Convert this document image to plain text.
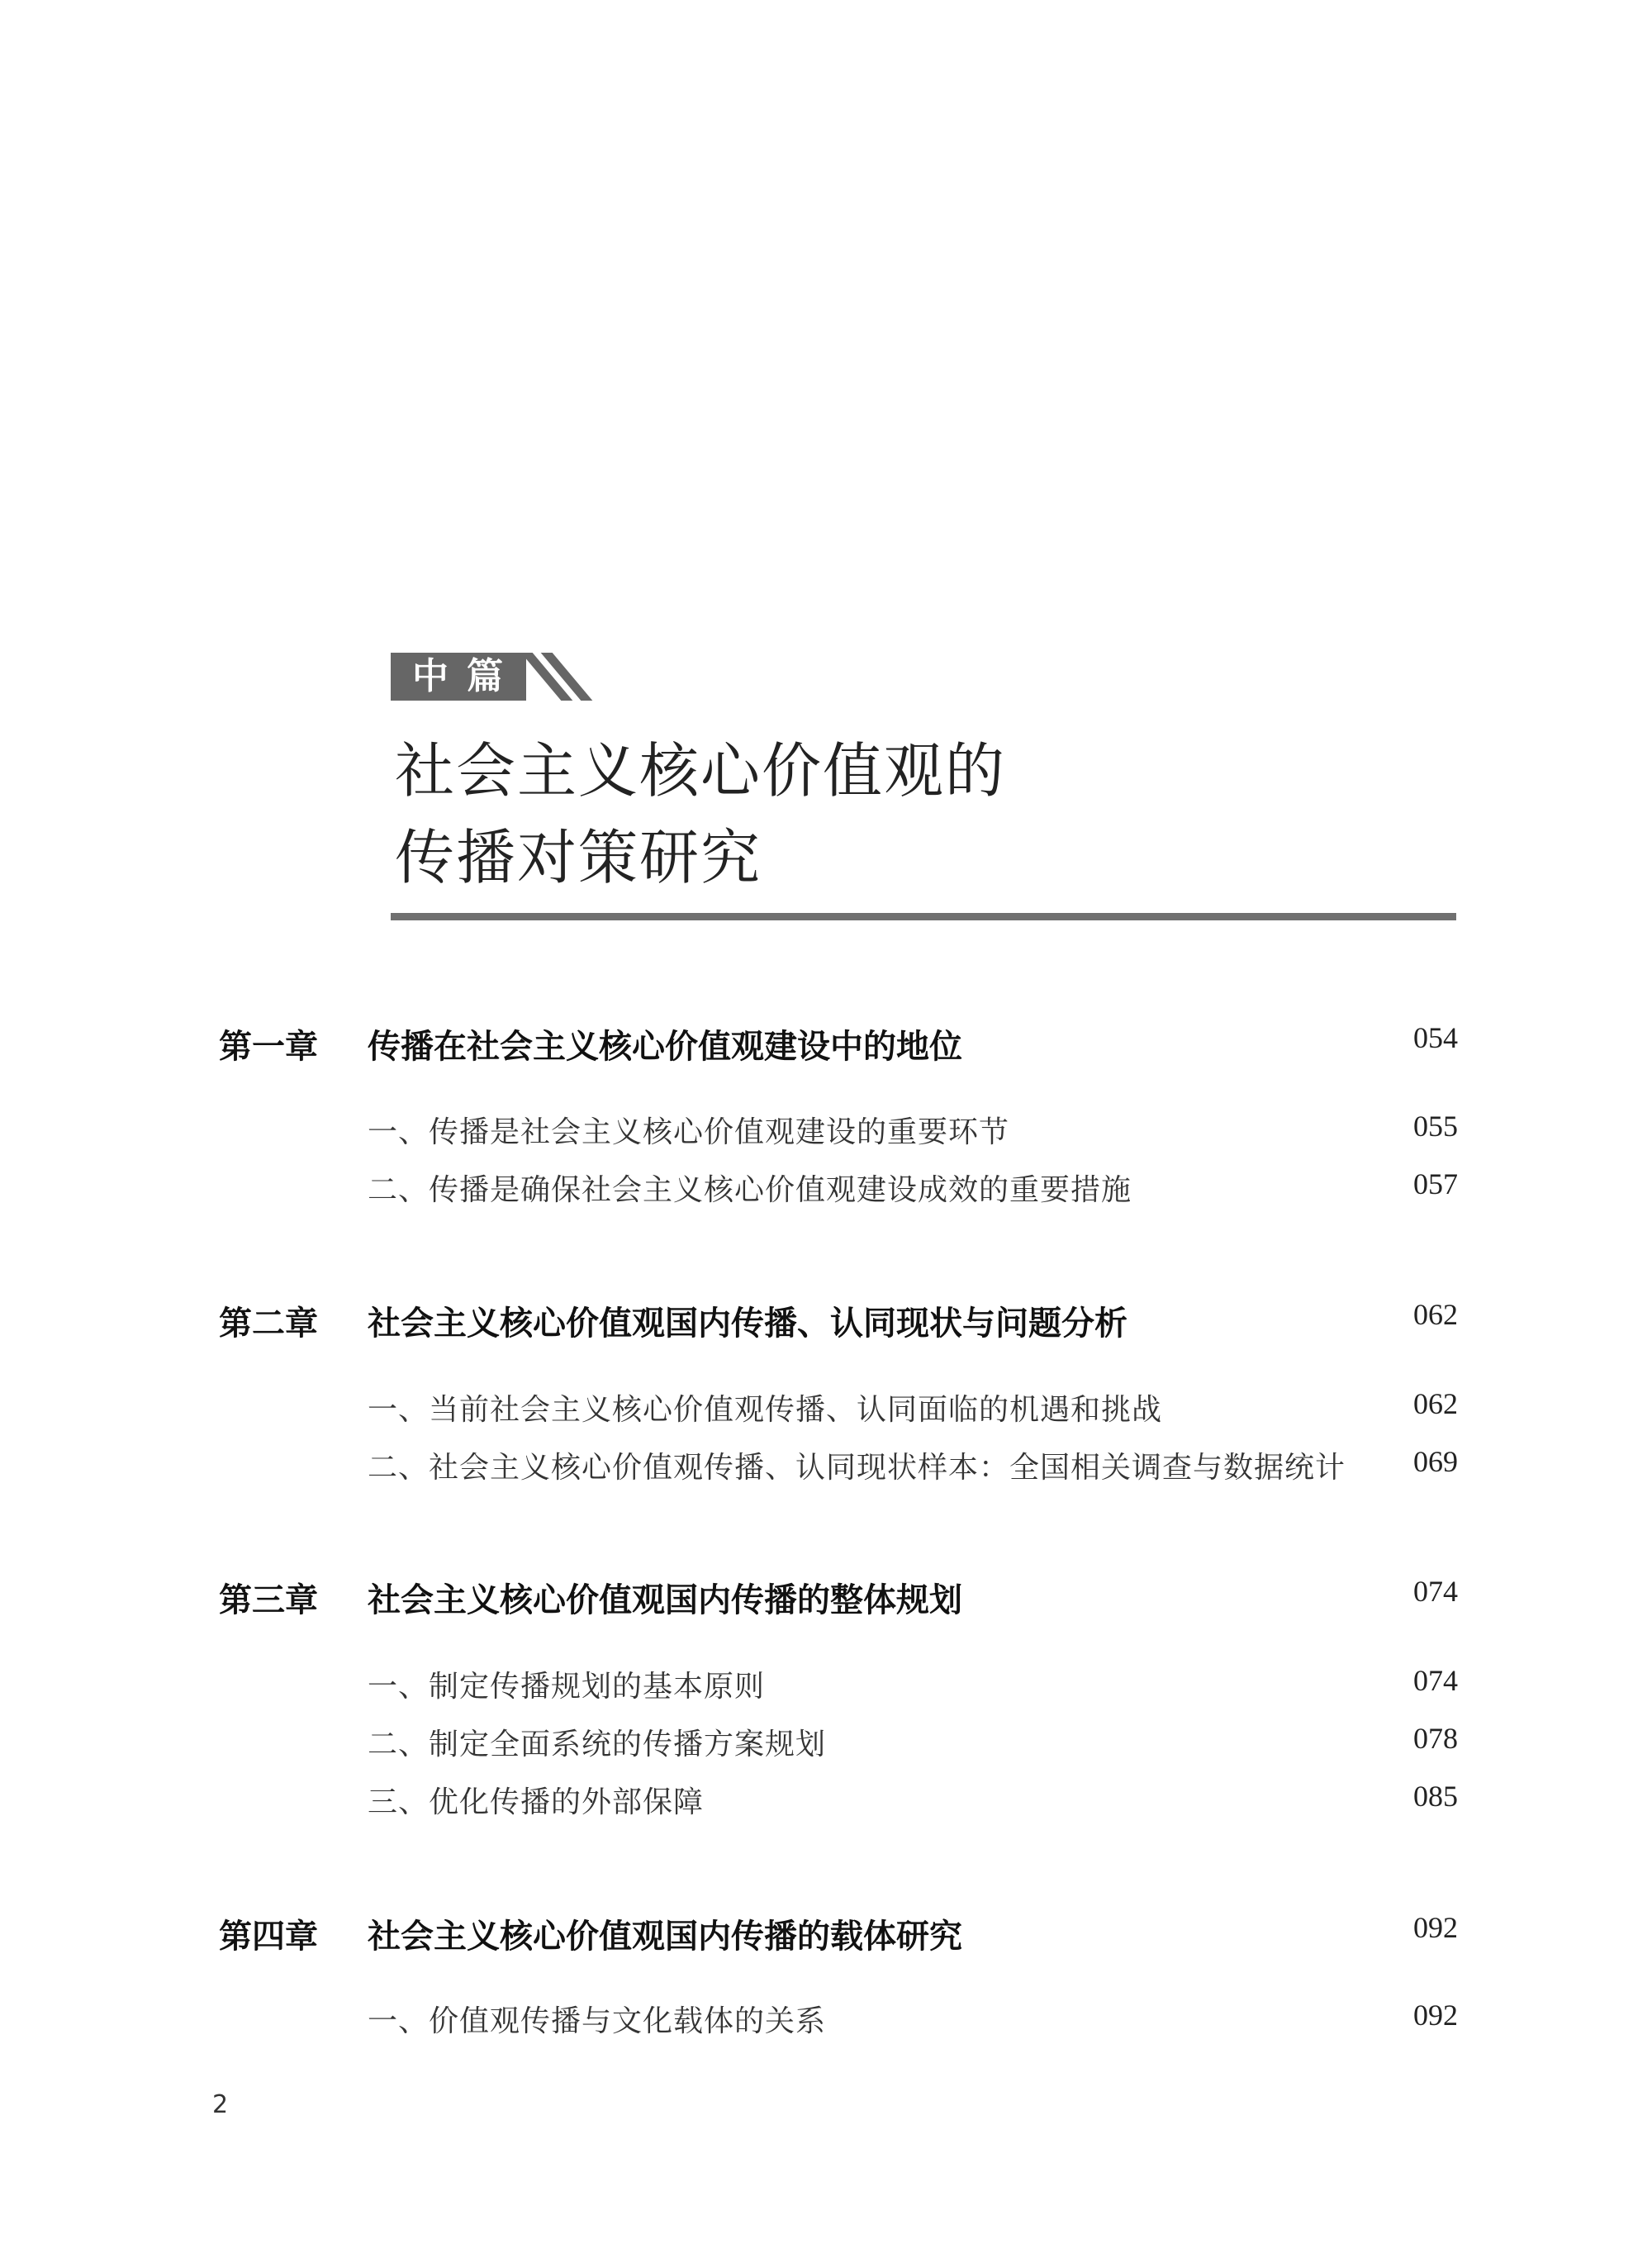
中篇
社会主义核心价值观的
传播对策研究
第一章 传播在社会主义核心价值观建设中的地位	054
一、传播是社会主义核心价值观建设的重要环节	055
二、传播是确保社会主义核心价值观建设成效的重要措施	057
第二章 社会主义核心价值观国内传播、认同现状与问题分析	062
一、当前社会主义核心价值观传播、认同面临的机遇和挑战	062
二、社会主义核心价值观传播、认同现状样本：全国相关调查与数据统计 069
第三章 社会主义核心价值观国内传播的整体规划	074
一、制定传播规划的基本原则	074
二、制定全面系统的传播方案规划	078
三、优化传播的外部保障	085
第四章 社会主义核心价值观国内传播的载体研究	092
一、价值观传播与文化载体的关系	092
2
